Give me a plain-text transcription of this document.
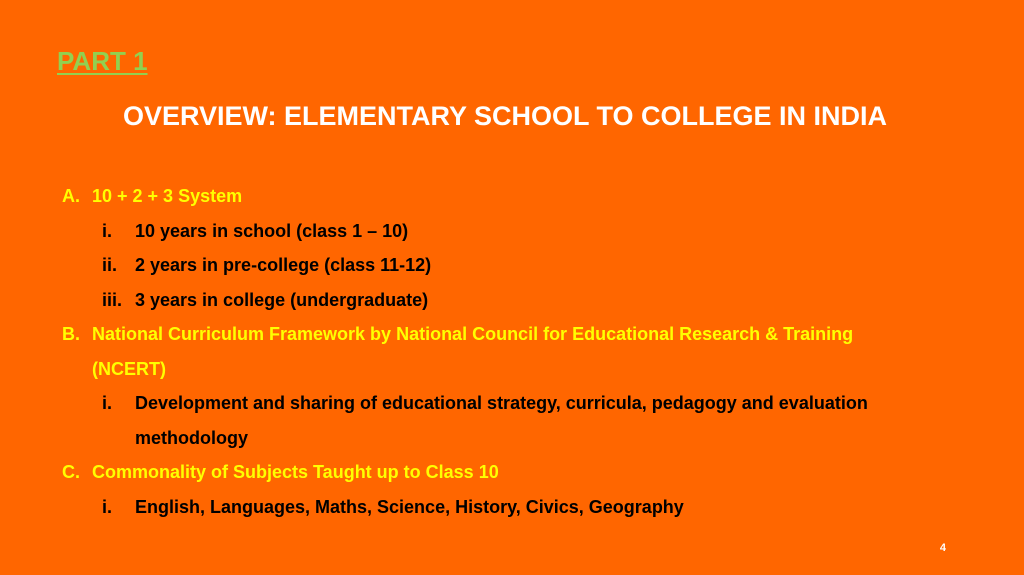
PART 1
OVERVIEW: ELEMENTARY SCHOOL TO COLLEGE IN INDIA
A. 10 + 2 + 3 System
i. 10 years in school (class 1 – 10)
ii. 2 years in pre-college (class 11-12)
iii. 3 years in college (undergraduate)
B. National Curriculum Framework by National Council for Educational Research & Training
(NCERT)
i. Development and sharing of educational strategy, curricula, pedagogy and evaluation
methodology
C. Commonality of Subjects Taught up to Class 10
i. English, Languages, Maths, Science, History, Civics, Geography
4
